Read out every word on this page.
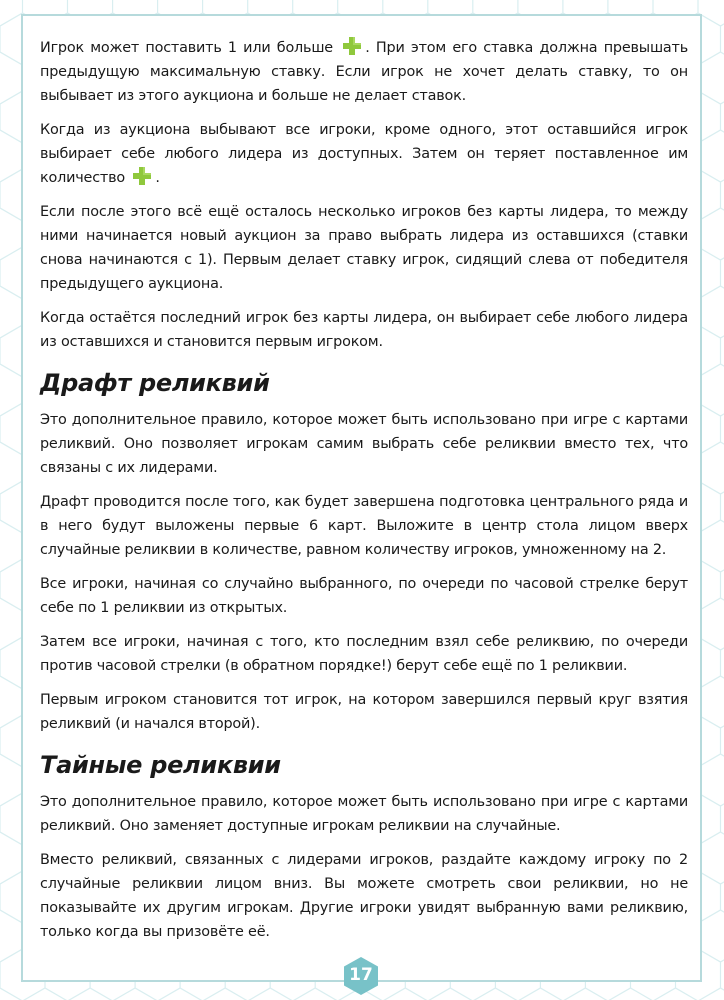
Игрок может поставить 1 или больше . При этом его ставка должна превышать предыдущую максимальную ставку. Если игрок не хочет делать ставку, то он выбывает из этого аукциона и больше не делает ставок.

Когда из аукциона выбывают все игроки, кроме одного, этот оставшийся игрок выбирает себе любого лидера из доступных. Затем он теряет поставленное им количество .

Если после этого всё ещё осталось несколько игроков без карты лидера, то между ними начинается новый аукцион за право выбрать лидера из оставшихся (ставки снова начинаются с 1). Первым делает ставку игрок, сидящий слева от победителя предыдущего аукциона.

Когда остаётся последний игрок без карты лидера, он выбирает себе любого лидера из оставшихся и становится первым игроком.

Драфт реликвий

Это дополнительное правило, которое может быть использовано при игре с картами реликвий. Оно позволяет игрокам самим выбрать себе реликвии вместо тех, что связаны с их лидерами.

Драфт проводится после того, как будет завершена подготовка центрального ряда и в него будут выложены первые 6 карт. Выложите в центр стола лицом вверх случайные реликвии в количестве, равном количеству игроков, умноженному на 2.

Все игроки, начиная со случайно выбранного, по очереди по часовой стрелке берут себе по 1 реликвии из открытых.

Затем все игроки, начиная с того, кто последним взял себе реликвию, по очереди против часовой стрелки (в обратном порядке!) берут себе ещё по 1 реликвии.

Первым игроком становится тот игрок, на котором завершился первый круг взятия реликвий (и начался второй).

Тайные реликвии

Это дополнительное правило, которое может быть использовано при игре с картами реликвий. Оно заменяет доступные игрокам реликвии на случайные.

Вместо реликвий, связанных с лидерами игроков, раздайте каждому игроку по 2 случайные реликвии лицом вниз. Вы можете смотреть свои реликвии, но не показывайте их другим игрокам. Другие игроки увидят выбранную вами реликвию, только когда вы призовёте её.

17
